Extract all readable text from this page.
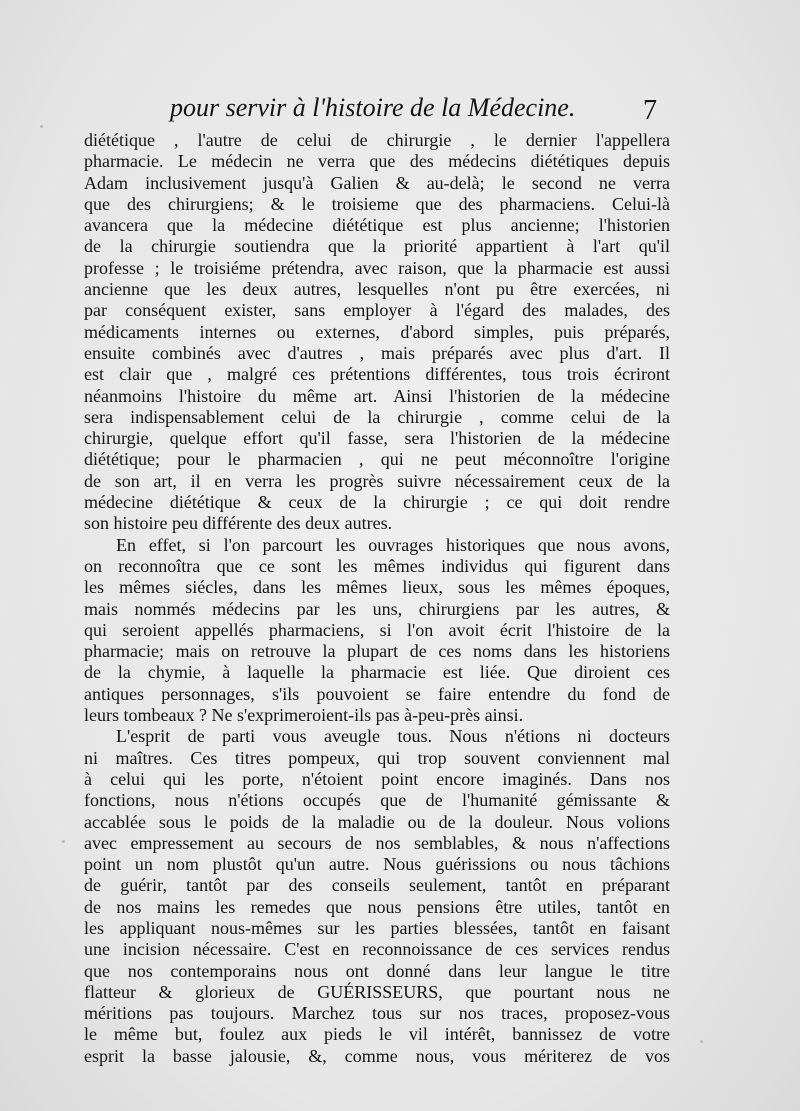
pour servir à l'histoire de la Médecine.	7
diététique , l'autre de celui de chirurgie , le dernier l'appellera
pharmacie. Le médecin ne verra que des médecins diététiques depuis
Adam inclusivement jusqu'à Galien & au-delà; le second ne verra
que des chirurgiens; & le troisieme que des pharmaciens. Celui-là
avancera que la médecine diététique est plus ancienne; l'historien
de la chirurgie soutiendra que la priorité appartient à l'art qu'il
professe ; le troisiéme prétendra, avec raison, que la pharmacie est aussi
ancienne que les deux autres, lesquelles n'ont pu être exercées, ni
par conséquent exister, sans employer à l'égard des malades, des
médicaments internes ou externes, d'abord simples, puis préparés,
ensuite combinés avec d'autres , mais préparés avec plus d'art. Il
est clair que , malgré ces prétentions différentes, tous trois écriront
néanmoins l'histoire du même art. Ainsi l'historien de la médecine
sera indispensablement celui de la chirurgie , comme celui de la
chirurgie, quelque effort qu'il fasse, sera l'historien de la médecine
diététique; pour le pharmacien , qui ne peut méconnoître l'origine
de son art, il en verra les progrès suivre nécessairement ceux de la
médecine diététique & ceux de la chirurgie ; ce qui doit rendre
son histoire peu différente des deux autres.
En effet, si l'on parcourt les ouvrages historiques que nous avons,
on reconnoîtra que ce sont les mêmes individus qui figurent dans
les mêmes siécles, dans les mêmes lieux, sous les mêmes époques,
mais nommés médecins par les uns, chirurgiens par les autres, &
qui seroient appellés pharmaciens, si l'on avoit écrit l'histoire de la
pharmacie; mais on retrouve la plupart de ces noms dans les historiens
de la chymie, à laquelle la pharmacie est liée. Que diroient ces
antiques personnages, s'ils pouvoient se faire entendre du fond de
leurs tombeaux ? Ne s'exprimeroient-ils pas à-peu-près ainsi.
L'esprit de parti vous aveugle tous. Nous n'étions ni docteurs
ni maîtres. Ces titres pompeux, qui trop souvent conviennent mal
à celui qui les porte, n'étoient point encore imaginés. Dans nos
fonctions, nous n'étions occupés que de l'humanité gémissante &
accablée sous le poids de la maladie ou de la douleur. Nous volions
avec empressement au secours de nos semblables, & nous n'affections
point un nom plustôt qu'un autre. Nous guérissions ou nous tâchions
de guérir, tantôt par des conseils seulement, tantôt en préparant
de nos mains les remedes que nous pensions être utiles, tantôt en
les appliquant nous-mêmes sur les parties blessées, tantôt en faisant
une incision nécessaire. C'est en reconnoissance de ces services rendus
que nos contemporains nous ont donné dans leur langue le titre
flatteur & glorieux de GUÉRISSEURS, que pourtant nous ne
méritions pas toujours. Marchez tous sur nos traces, proposez-vous
le même but, foulez aux pieds le vil intérêt, bannissez de votre
esprit la basse jalousie, &, comme nous, vous mériterez de vos
